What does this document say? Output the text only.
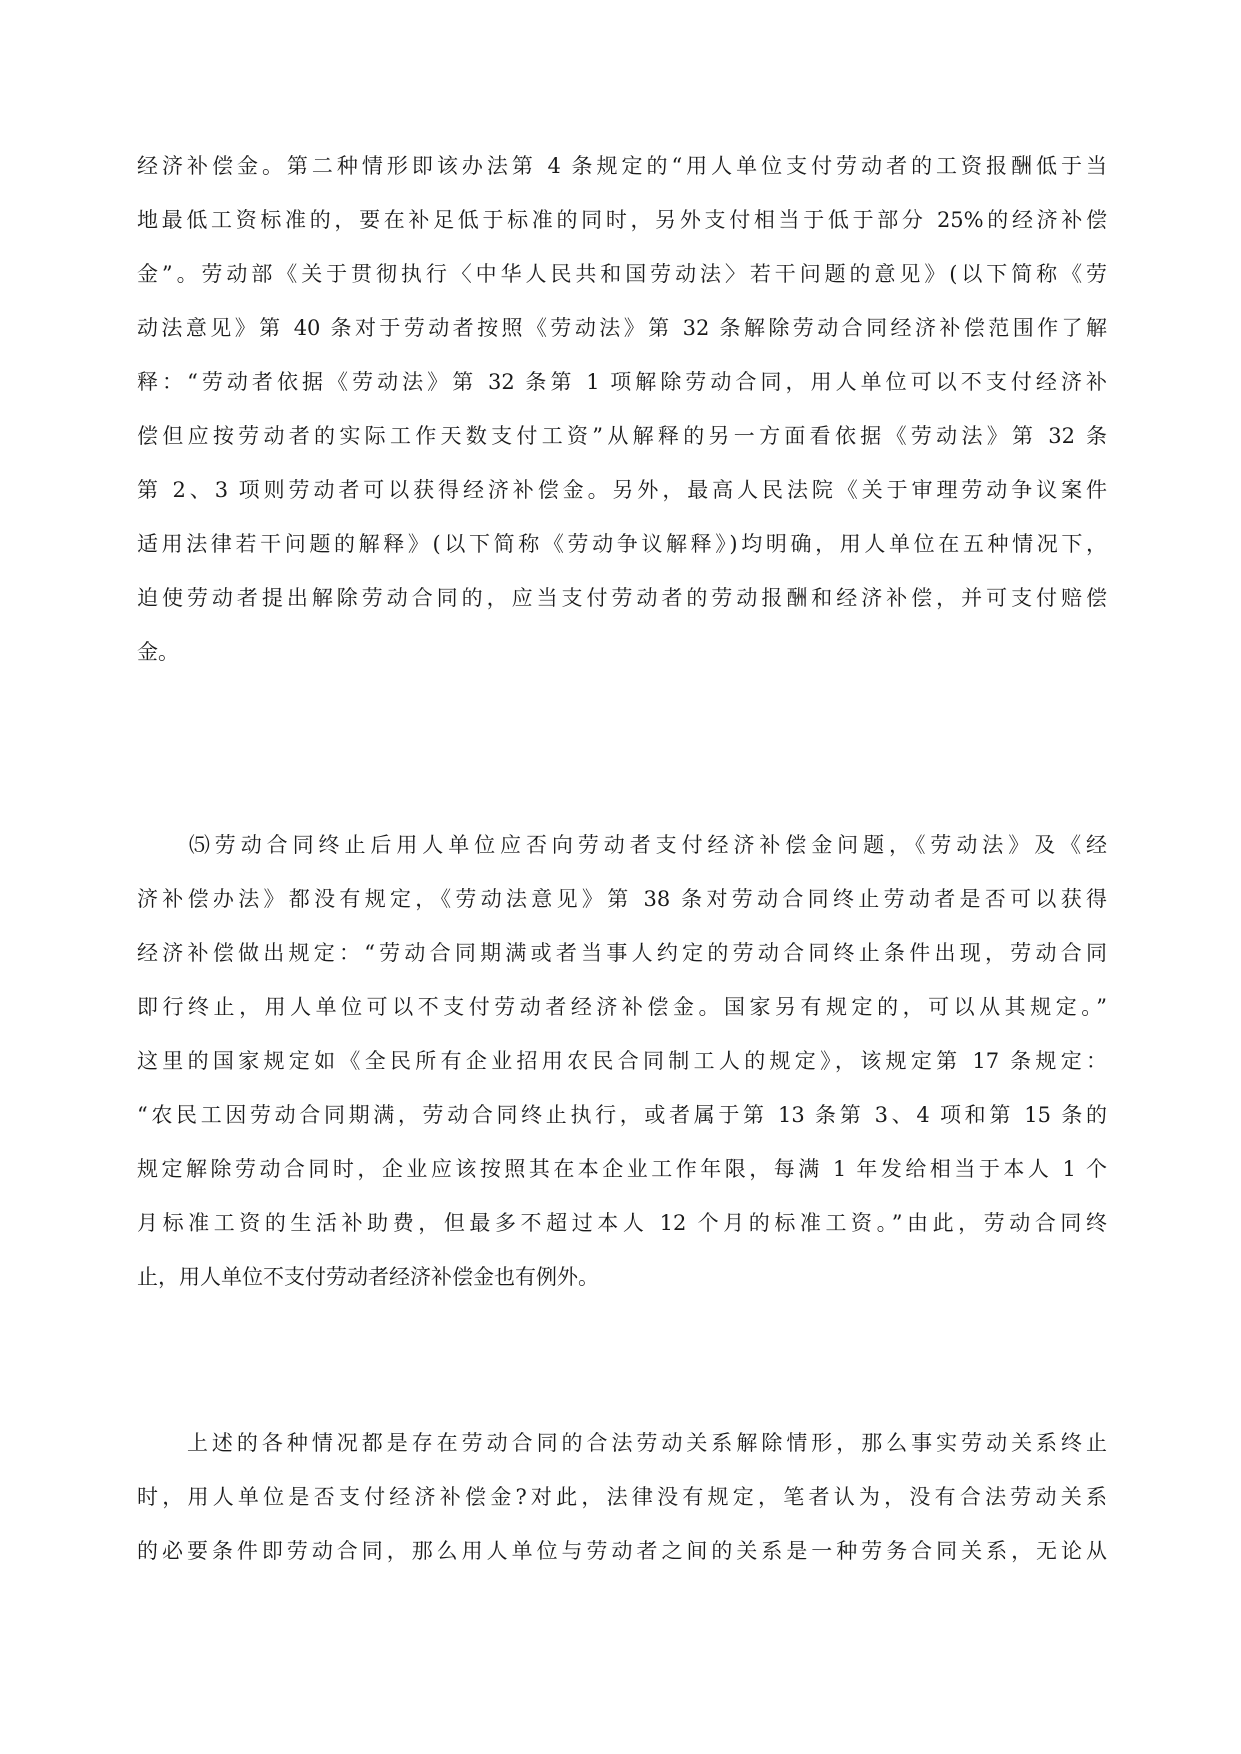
经济补偿金。第二种情形即该办法第 4 条规定的“用人单位支付劳动者的工资报酬低于当
地最低工资标准的，要在补足低于标准的同时，另外支付相当于低于部分 25%的经济补偿
金”。劳动部《关于贯彻执行〈中华人民共和国劳动法〉若干问题的意见》(以下简称《劳
动法意见》第 40 条对于劳动者按照《劳动法》第 32 条解除劳动合同经济补偿范围作了解
释：“劳动者依据《劳动法》第 32 条第 1 项解除劳动合同，用人单位可以不支付经济补
偿但应按劳动者的实际工作天数支付工资”从解释的另一方面看依据《劳动法》第 32 条
第 2、3 项则劳动者可以获得经济补偿金。另外，最高人民法院《关于审理劳动争议案件
适用法律若干问题的解释》(以下简称《劳动争议解释》)均明确，用人单位在五种情况下，
迫使劳动者提出解除劳动合同的，应当支付劳动者的劳动报酬和经济补偿，并可支付赔偿
金。
　　⑸劳动合同终止后用人单位应否向劳动者支付经济补偿金问题，《劳动法》及《经
济补偿办法》都没有规定，《劳动法意见》第 38 条对劳动合同终止劳动者是否可以获得
经济补偿做出规定：“劳动合同期满或者当事人约定的劳动合同终止条件出现，劳动合同
即行终止，用人单位可以不支付劳动者经济补偿金。国家另有规定的，可以从其规定。”
这里的国家规定如《全民所有企业招用农民合同制工人的规定》，该规定第 17 条规定：
“农民工因劳动合同期满，劳动合同终止执行，或者属于第 13 条第 3、4 项和第 15 条的
规定解除劳动合同时，企业应该按照其在本企业工作年限，每满 1 年发给相当于本人 1 个
月标准工资的生活补助费，但最多不超过本人 12 个月的标准工资。”由此，劳动合同终
止，用人单位不支付劳动者经济补偿金也有例外。
　　上述的各种情况都是存在劳动合同的合法劳动关系解除情形，那么事实劳动关系终止
时，用人单位是否支付经济补偿金?对此，法律没有规定，笔者认为，没有合法劳动关系
的必要条件即劳动合同，那么用人单位与劳动者之间的关系是一种劳务合同关系，无论从
